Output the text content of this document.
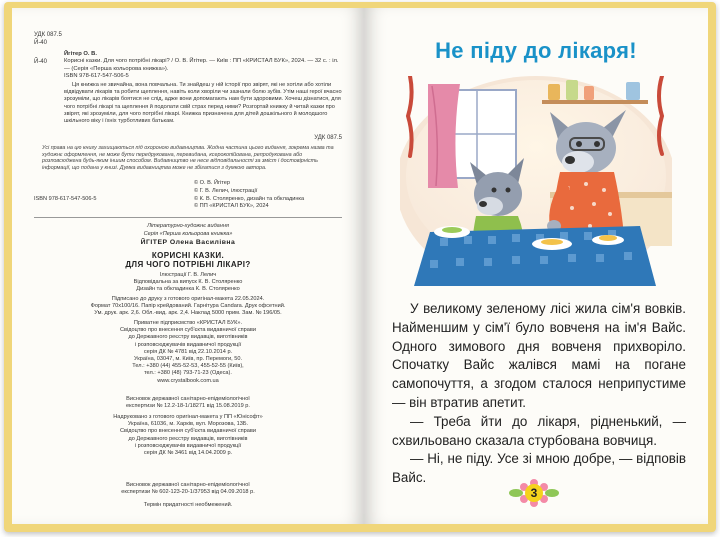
УДК 087.5
Й-40
Йгітер О. В.
Корисні казки. Для чого потрібні лікарі? / О. В. Йгітер. — Київ : ПП «КРИСТАЛ БУК», 2024. — 32 с. : іл. — (Серія «Перша кольорова книжка»).
ISBN 978-617-547-506-5
Й-40
Ця книжка не звичайна, вона повчальна. Ти знайдеш у ній історії про звірят, які не хотіли або хотіли відвідувати лікарів та робити щеплення, навіть коли хворіли чи зазнали болю зубів. Утім наші герої вчасно зрозуміли, що лікарів боятися не слід, адже вони допомагають нам бути здоровими. Хочеш дізнатися, для чого потрібні лікарі та щеплення й подолати свій страх перед ними? Розгортай книжку й читай казки про звірят, які зрозуміли, для чого потрібні лікарі. Книжка призначена для дітей дошкільного й молодшого шкільного віку і їхніх турботливих батькам.
УДК 087.5
Усі права на цю книгу захищаються під охороною видавництва. Жодна частина цього видання, зокрема назва та художнє оформлення, не може бути передрукована, перевидана, ксерокопійована, репродукована або розповсюджена будь-яким іншим способом. Видавництво не несе відповідальності за зміст і достовірність інформації, що подана у книзі. Думка видавництва може не збігатися з думкою автора.
ISBN 978-617-547-506-5
© О. В. Йгітер
© Г. В. Лелич, ілюстрації
© К. В. Столяренко, дизайн та обкладинка
© ПП «КРИСТАЛ БУК», 2024
Літературно-художнє видання
Серія «Перша кольорова книжка»
ЙГІТЕР Олена Василівна
КОРИСНІ КАЗКИ.
ДЛЯ ЧОГО ПОТРІБНІ ЛІКАРІ?
Ілюстрації Г. В. Лелич
Відповідальна за випуск К. В. Столяренко
Дизайн та обкладинка К. В. Столяренко
Підписано до друку з готового оригінал-макета 22.05.2024.
Формат 70x100/16. Папір крейдований. Гарнітура Candara. Друк офсетний.
Ум. друк. арк. 2,6. Обл.-вид. арк. 2,4. Наклад 5000 прим. Зам. № 196/05.
Приватне підприємство «КРИСТАЛ БУК».
Свідоцтво про внесення суб'єкта видавничої справи
до Державного реєстру видавців, виготівників
і розповсюджувачів видавничої продукції
серія ДК № 4781 від 22.10.2014 р.
Україна, 03047, м. Київ, пр. Перемоги, 50.
Тел.: +380 (44) 455-52-53, 455-52-55 (Київ),
тел.: +380 (48) 793-71-23 (Одеса).
www.crystalbook.com.ua
Висновок державної санітарно-епідеміологічної
експертизи № 12.2-18-1/18271 від 15.08.2019 р.
Надруковано з готового оригінал-макета у ПП «Юнісофт»
Україна, 61036, м. Харків, вул. Морозова, 13Б.
Свідоцтво про внесення суб'єкта видавничої справи
до Державного реєстру видавців, виготівників
і розповсюджувачів видавничої продукції
серія ДК № 3461 від 14.04.2009 р.
Висновок державної санітарно-епідеміологічної
експертизи № 602-123-20-1/37953 від 04.09.2018 р.
Термін придатності необмежений.
Не піду до лікаря!

У великому зеленому лісі жила сім'я вовків. Найменшим у сім'ї було вовченя на ім'я Вайс. Одного зимового дня вовченя прихворіло. Спочатку Вайс жалівся мамі на погане самопочуття, а згодом сталося неприпустиме — він втратив апетит.

— Треба йти до лікаря, рідненький, — схвильовано сказала стурбована вовчиця.

— Ні, не піду. Усе зі мною добре, — відповів Вайс.

3
